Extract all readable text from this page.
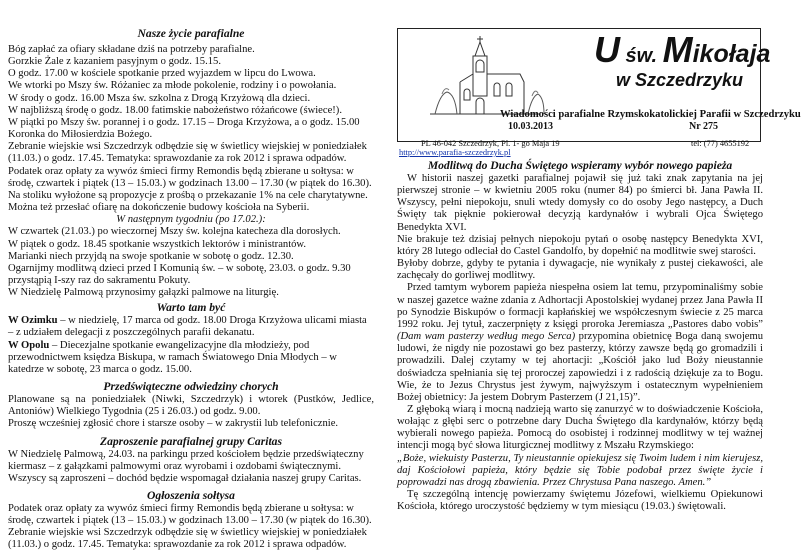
Nasze życie parafialne

Bóg zapłać za ofiary składane dziś na potrzeby parafialne.

Gorzkie Żale z kazaniem pasyjnym o godz. 15.15.

O godz. 17.00 w kościele spotkanie przed wyjazdem w lipcu do Lwowa.

We wtorki po Mszy św. Różaniec za młode pokolenie, rodziny i o powołania.

W środy o godz. 16.00 Msza św. szkolna z Drogą Krzyżową dla dzieci.

W najbliższą środę o godz. 18.00 fatimskie nabożeństwo różańcowe (świece!).

W piątki po Mszy św. porannej i o godz. 17.15 – Droga Krzyżowa, a o godz. 15.00

Koronka do Miłosierdzia Bożego.

Zebranie wiejskie wsi Szczedrzyk odbędzie się w świetlicy wiejskiej w poniedziałek

(11.03.) o godz. 17.45. Tematyka: sprawozdanie za rok 2012 i sprawa odpadów.

Podatek oraz opłaty za wywóz śmieci firmy Remondis będą zbierane u sołtysa: w

środę, czwartek i piątek (13 – 15.03.) w godzinach 13.00 – 17.30 (w piątek do 16.30).

Na stoliku wyłożone są propozycje z prośbą o przekazanie 1% na cele charytatywne.

Można też przesłać ofiarę na dokończenie budowy kościoła na Syberii.

W następnym tygodniu (po 17.02.):

W czwartek (21.03.) po wieczornej Mszy św. kolejna katecheza dla dorosłych.

W piątek o godz. 18.45 spotkanie wszystkich lektorów i ministrantów.

Marianki niech przyjdą na swoje spotkanie w sobotę o godz. 12.30.

Ogarnijmy modlitwą dzieci przed I Komunią św. – w sobotę, 23.03. o godz. 9.30

przystąpią I-szy raz do sakramentu Pokuty.

W Niedzielę Palmową przynosimy gałązki palmowe na liturgię.

Warto tam być

W Ozimku – w niedzielę, 17 marca od godz. 18.00 Droga Krzyżowa ulicami miasta – z udziałem delegacji z poszczególnych parafii dekanatu.

W Opolu – Diecezjalne spotkanie ewangelizacyjne dla młodzieży, pod przewodnictwem księdza Biskupa, w ramach Światowego Dnia Młodych – w katedrze w sobotę, 23 marca o godz. 15.00.

Przedświąteczne odwiedziny chorych

Planowane są na poniedziałek (Niwki, Szczedrzyk) i wtorek (Pustków, Jedlice, Antoniów) Wielkiego Tygodnia (25 i 26.03.) od godz. 9.00.

Proszę wcześniej zgłosić chore i starsze osoby – w zakrystii lub telefonicznie.

Zaproszenie parafialnej grupy Caritas

W Niedzielę Palmową, 24.03. na parkingu przed kościołem będzie przedświąteczny kiermasz – z gałązkami palmowymi oraz wyrobami i ozdobami świątecznymi. Wszyscy są zaproszeni – dochód będzie wspomagał działania naszej grupy Caritas.

Ogłoszenia sołtysa

Podatek oraz opłaty za wywóz śmieci firmy Remondis będą zbierane u sołtysa: w środę, czwartek i piątek (13 – 15.03.) w godzinach 13.00 – 17.30 (w piątek do 16.30).

Zebranie wiejskie wsi Szczedrzyk odbędzie się w świetlicy wiejskiej w poniedziałek (11.03.) o godz. 17.45. Tematyka: sprawozdanie za rok 2012 i sprawa odpadów.

U św. Mikołaja
w Szczedrzyku
Wiadomości parafialne Rzymskokatolickiej Parafii w Szczedrzyku
10.03.2013	Nr 275
PL 46-042 Szczedrzyk, Pl. 1- go Maja 19	tel: (77) 4655192
http://www.parafia-szczedrzyk.pl

Modlitwą do Ducha Świętego wspieramy wybór nowego papieża

W historii naszej gazetki parafialnej pojawił się już taki znak zapytania na jej pierwszej stronie – w kwietniu 2005 roku (numer 84) po śmierci bł. Jana Pawła II. Wszyscy, pełni niepokoju, snuli wtedy domysły co do osoby Jego następcy, a Duch Święty tak pięknie pokierował decyzją kardynałów i wybrali Ojca Świętego Benedykta XVI.

Nie brakuje też dzisiaj pełnych niepokoju pytań o osobę następcy Benedykta XVI, który 28 lutego odleciał do Castel Gandolfo, by dopełnić na modlitwie swej starości.

Byłoby dobrze, gdyby te pytania i dywagacje, nie wynikały z pustej ciekawości, ale zachęcały do gorliwej modlitwy.

Przed tamtym wyborem papieża niespełna osiem lat temu, przypominaliśmy sobie w naszej gazetce ważne zdania z Adhortacji Apostolskiej wydanej przez Jana Pawła II po Synodzie Biskupów o formacji kapłańskiej we współczesnym świecie z 25 marca 1992 roku. Jej tytuł, zaczerpnięty z księgi proroka Jeremiasza „Pastores dabo vobis” (Dam wam pasterzy według mego Serca) przypomina obietnicę Boga daną swojemu ludowi, że nigdy nie pozostawi go bez pasterzy, którzy zawsze będą go gromadzili i prowadzili. Dalej czytamy w tej ahortacji: „Kościół jako lud Boży nieustannie doświadcza spełniania się tej proroczej zapowiedzi i z radością dziękuje za to Bogu. Wie, że to Jezus Chrystus jest żywym, najwyższym i ostatecznym wypełnieniem Bożej obietnicy: Ja jestem Dobrym Pasterzem (J 21,15)”.

Z głęboką wiarą i mocną nadzieją warto się zanurzyć w to doświadczenie Kościoła, wołając z głębi serc o potrzebne dary Ducha Świętego dla kardynałów, którzy będą wybierali nowego papieża. Pomocą do osobistej i rodzinnej modlitwy w tej ważnej intencji mogą być słowa liturgicznej modlitwy z Mszału Rzymskiego:

„Boże, wiekuisty Pasterzu, Ty nieustannie opiekujesz się Twoim ludem i nim kierujesz, daj Kościołowi papieża, który będzie się Tobie podobał przez święte życie i poprowadzi nas drogą zbawienia. Przez Chrystusa Pana naszego. Amen.”

Tę szczególną intencję powierzamy świętemu Józefowi, wielkiemu Opiekunowi Kościoła, którego uroczystość będziemy w tym miesiącu (19.03.) świętowali.
